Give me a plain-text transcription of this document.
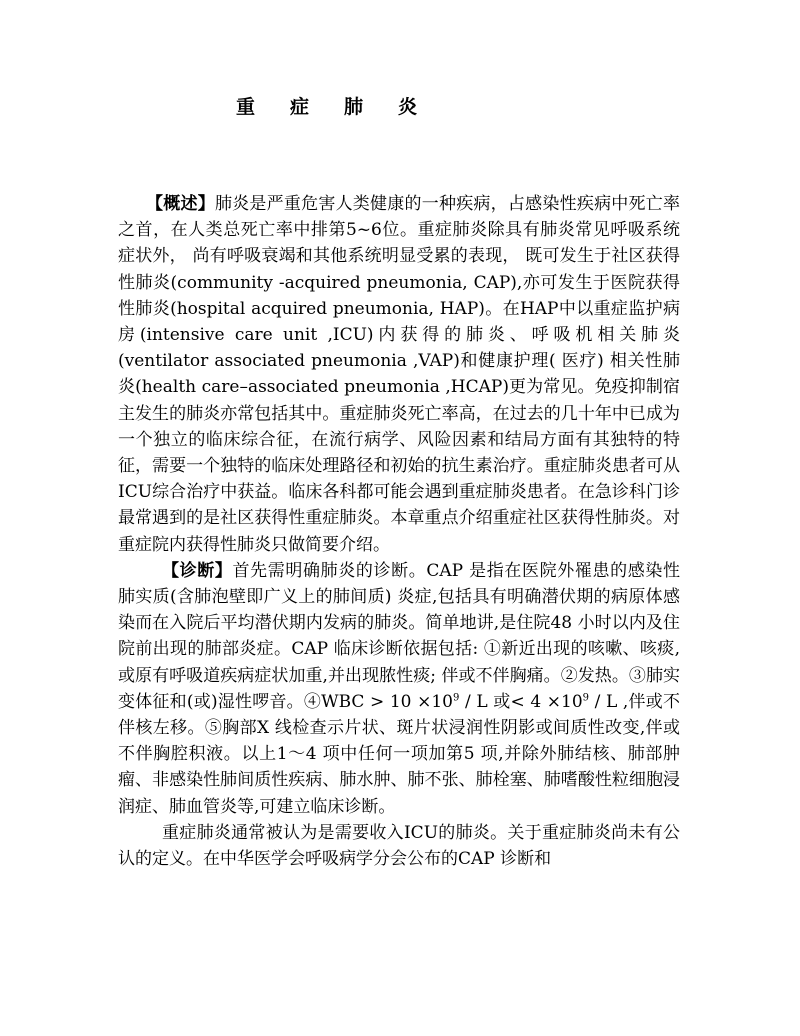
重症肺炎

【概述】肺炎是严重危害人类健康的一种疾病，占感染性疾病中死亡率之首，在人类总死亡率中排第5~6位。重症肺炎除具有肺炎常见呼吸系统症状外， 尚有呼吸衰竭和其他系统明显受累的表现， 既可发生于社区获得性肺炎(community -acquired pneumonia, CAP),亦可发生于医院获得性肺炎(hospital acquired pneumonia, HAP)。在HAP中以重症监护病房(intensive care unit ,ICU)内获得的肺炎、呼吸机相关肺炎(ventilator associated pneumonia ,VAP)和健康护理( 医疗) 相关性肺炎(health care–associated pneumonia ,HCAP)更为常见。免疫抑制宿主发生的肺炎亦常包括其中。重症肺炎死亡率高，在过去的几十年中已成为一个独立的临床综合征，在流行病学、风险因素和结局方面有其独特的特征，需要一个独特的临床处理路径和初始的抗生素治疗。重症肺炎患者可从ICU综合治疗中获益。临床各科都可能会遇到重症肺炎患者。在急诊科门诊最常遇到的是社区获得性重症肺炎。本章重点介绍重症社区获得性肺炎。对重症院内获得性肺炎只做简要介绍。

【诊断】首先需明确肺炎的诊断。CAP 是指在医院外罹患的感染性肺实质(含肺泡壁即广义上的肺间质) 炎症,包括具有明确潜伏期的病原体感染而在入院后平均潜伏期内发病的肺炎。简单地讲,是住院48 小时以内及住院前出现的肺部炎症。CAP 临床诊断依据包括: ①新近出现的咳嗽、咳痰,或原有呼吸道疾病症状加重,并出现脓性痰; 伴或不伴胸痛。②发热。③肺实变体征和(或)湿性啰音。④WBC > $10 \times 10^9 / L$ 或< $4 \times 10^9 / L$ ,伴或不伴核左移。⑤胸部X 线检查示片状、斑片状浸润性阴影或间质性改变,伴或不伴胸腔积液。以上1～4 项中任何一项加第5 项,并除外肺结核、肺部肿瘤、非感染性肺间质性疾病、肺水肿、肺不张、肺栓塞、肺嗜酸性粒细胞浸润症、肺血管炎等,可建立临床诊断。

重症肺炎通常被认为是需要收入ICU的肺炎。关于重症肺炎尚未有公认的定义。在中华医学会呼吸病学分会公布的CAP 诊断和
